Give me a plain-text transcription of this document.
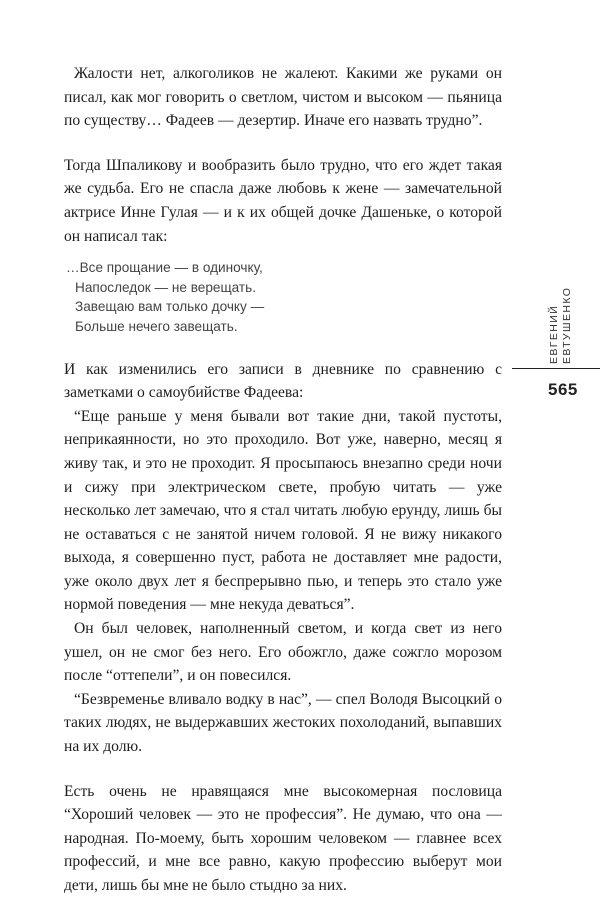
Жалости нет, алкоголиков не жалеют. Какими же руками он писал, как мог говорить о светлом, чистом и высоком — пьяница по существу… Фадеев — дезертир. Иначе его назвать трудно”.

Тогда Шпаликову и вообразить было трудно, что его ждет такая же судьба. Его не спасла даже любовь к жене — замечательной актрисе Инне Гулая — и к их общей дочке Дашеньке, о которой он написал так:

…Все прощание — в одиночку,
Напоследок — не верещать.
Завещаю вам только дочку —
Больше нечего завещать.

И как изменились его записи в дневнике по сравнению с заметками о самоубийстве Фадеева:

“Еще раньше у меня бывали вот такие дни, такой пустоты, неприкаянности, но это проходило. Вот уже, наверно, месяц я живу так, и это не проходит. Я просыпаюсь внезапно среди ночи и сижу при электрическом свете, пробую читать — уже несколько лет замечаю, что я стал читать любую ерунду, лишь бы не оставаться с не занятой ничем головой. Я не вижу никакого выхода, я совершенно пуст, работа не доставляет мне радости, уже около двух лет я беспрерывно пью, и теперь это стало уже нормой поведения — мне некуда деваться”.

Он был человек, наполненный светом, и когда свет из него ушел, он не смог без него. Его обожгло, даже сожгло морозом после “оттепели”, и он повесился.

“Безвременье вливало водку в нас”, — спел Володя Высоцкий о таких людях, не выдержавших жестоких похолоданий, выпавших на их долю.

Есть очень не нравящаяся мне высокомерная пословица “Хороший человек — это не профессия”. Не думаю, что она — народная. По-моему, быть хорошим человеком — главнее всех профессий, и мне все равно, какую профессию выберут мои дети, лишь бы мне не было стыдно за них.

ЕВГЕНИЙ ЕВТУШЕНКО
565
